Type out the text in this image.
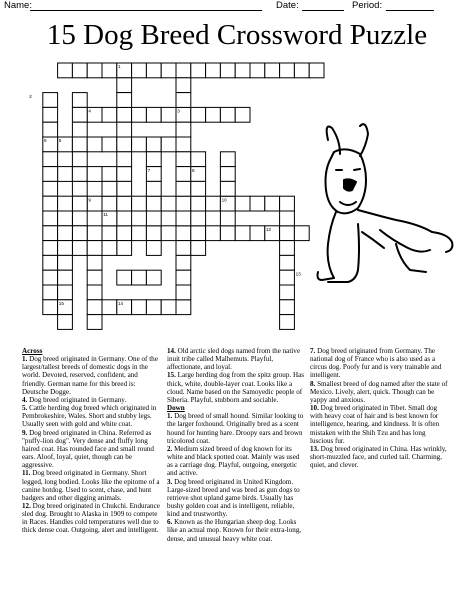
Name:	Date:	Period:
15 Dog Breed Crossword Puzzle
1
2
3
4
5
6
7	8
9	10
11
12
13
14
15
Across
1. Dog breed originated in Germany. One of the largest/tallest breeds of domestic dogs in the world. Devoted, reserved, confident, and friendly. German name for this breed is: Deutsche Dogge.
4. Dog breed originated in Germany.
5. Cattle herding dog breed which originated in Pembrokeshire, Wales. Short and stubby legs. Usually seen with gold and white coat.
9. Dog breed originated in China. Referred as "puffy-lion dog". Very dense and fluffy long haired coat. Has rounded face and small round ears. Aloof, loyal, quiet, though can be aggressive.
11. Dog breed originated in Germany. Short legged, long bodied. Looks like the epitome of a canine hotdog. Used to scent, chase, and hunt badgers and other digging animals.
12. Dog breed originated in Chukchi. Endurance sled dog. Brought to Alaska in 1909 to compete in Races. Handles cold temperatures well due to thick dense coat. Outgoing, alert and intelligent.
14. Old arctic sled dogs named from the native inuit tribe called Malhemuts. Playful, affectionate, and loyal.
15. Large herding dog from the spitz group. Has thick, white, double-layer coat. Looks like a cloud. Name based on the Samoyedic people of Siberia. Playful, stubborn and sociable.
Down
1. Dog breed of small hound. Similar looking to the larger foxhound. Originally bred as a scent hound for hunting hare. Droopy ears and brown tricolored coat.
2. Medium sized breed of dog known for its white and black spotted coat. Mainly was used as a carriage dog. Playful, outgoing, energetic and active.
3. Dog breed originated in United Kingdom. Large-sized breed and was bred as gun dogs to retrieve shot upland game birds. Usually has bushy golden coat and is intelligent, reliable, kind and trustworthy.
6. Known as the Hungarian sheep dog. Looks like an actual mop. Known for their extra-long, dense, and unusual heavy white coat.
7. Dog breed originated from Germany. The national dog of France who is also used as a circus dog. Poofy fur and is very trainable and intelligent.
8. Smallest breed of dog named after the state of Mexico. Lively, alert, quick. Though can be yappy and anxious.
10. Dog breed originated in Tibet. Small dog with heavy coat of hair and is best known for intelligence, hearing, and kindness. It is often mistaken with the Shih Tzu and has long luscious fur.
13. Dog breed originated in China. Has wrinkly, short-muzzled face, and curled tail. Charming, quiet, and clever.
